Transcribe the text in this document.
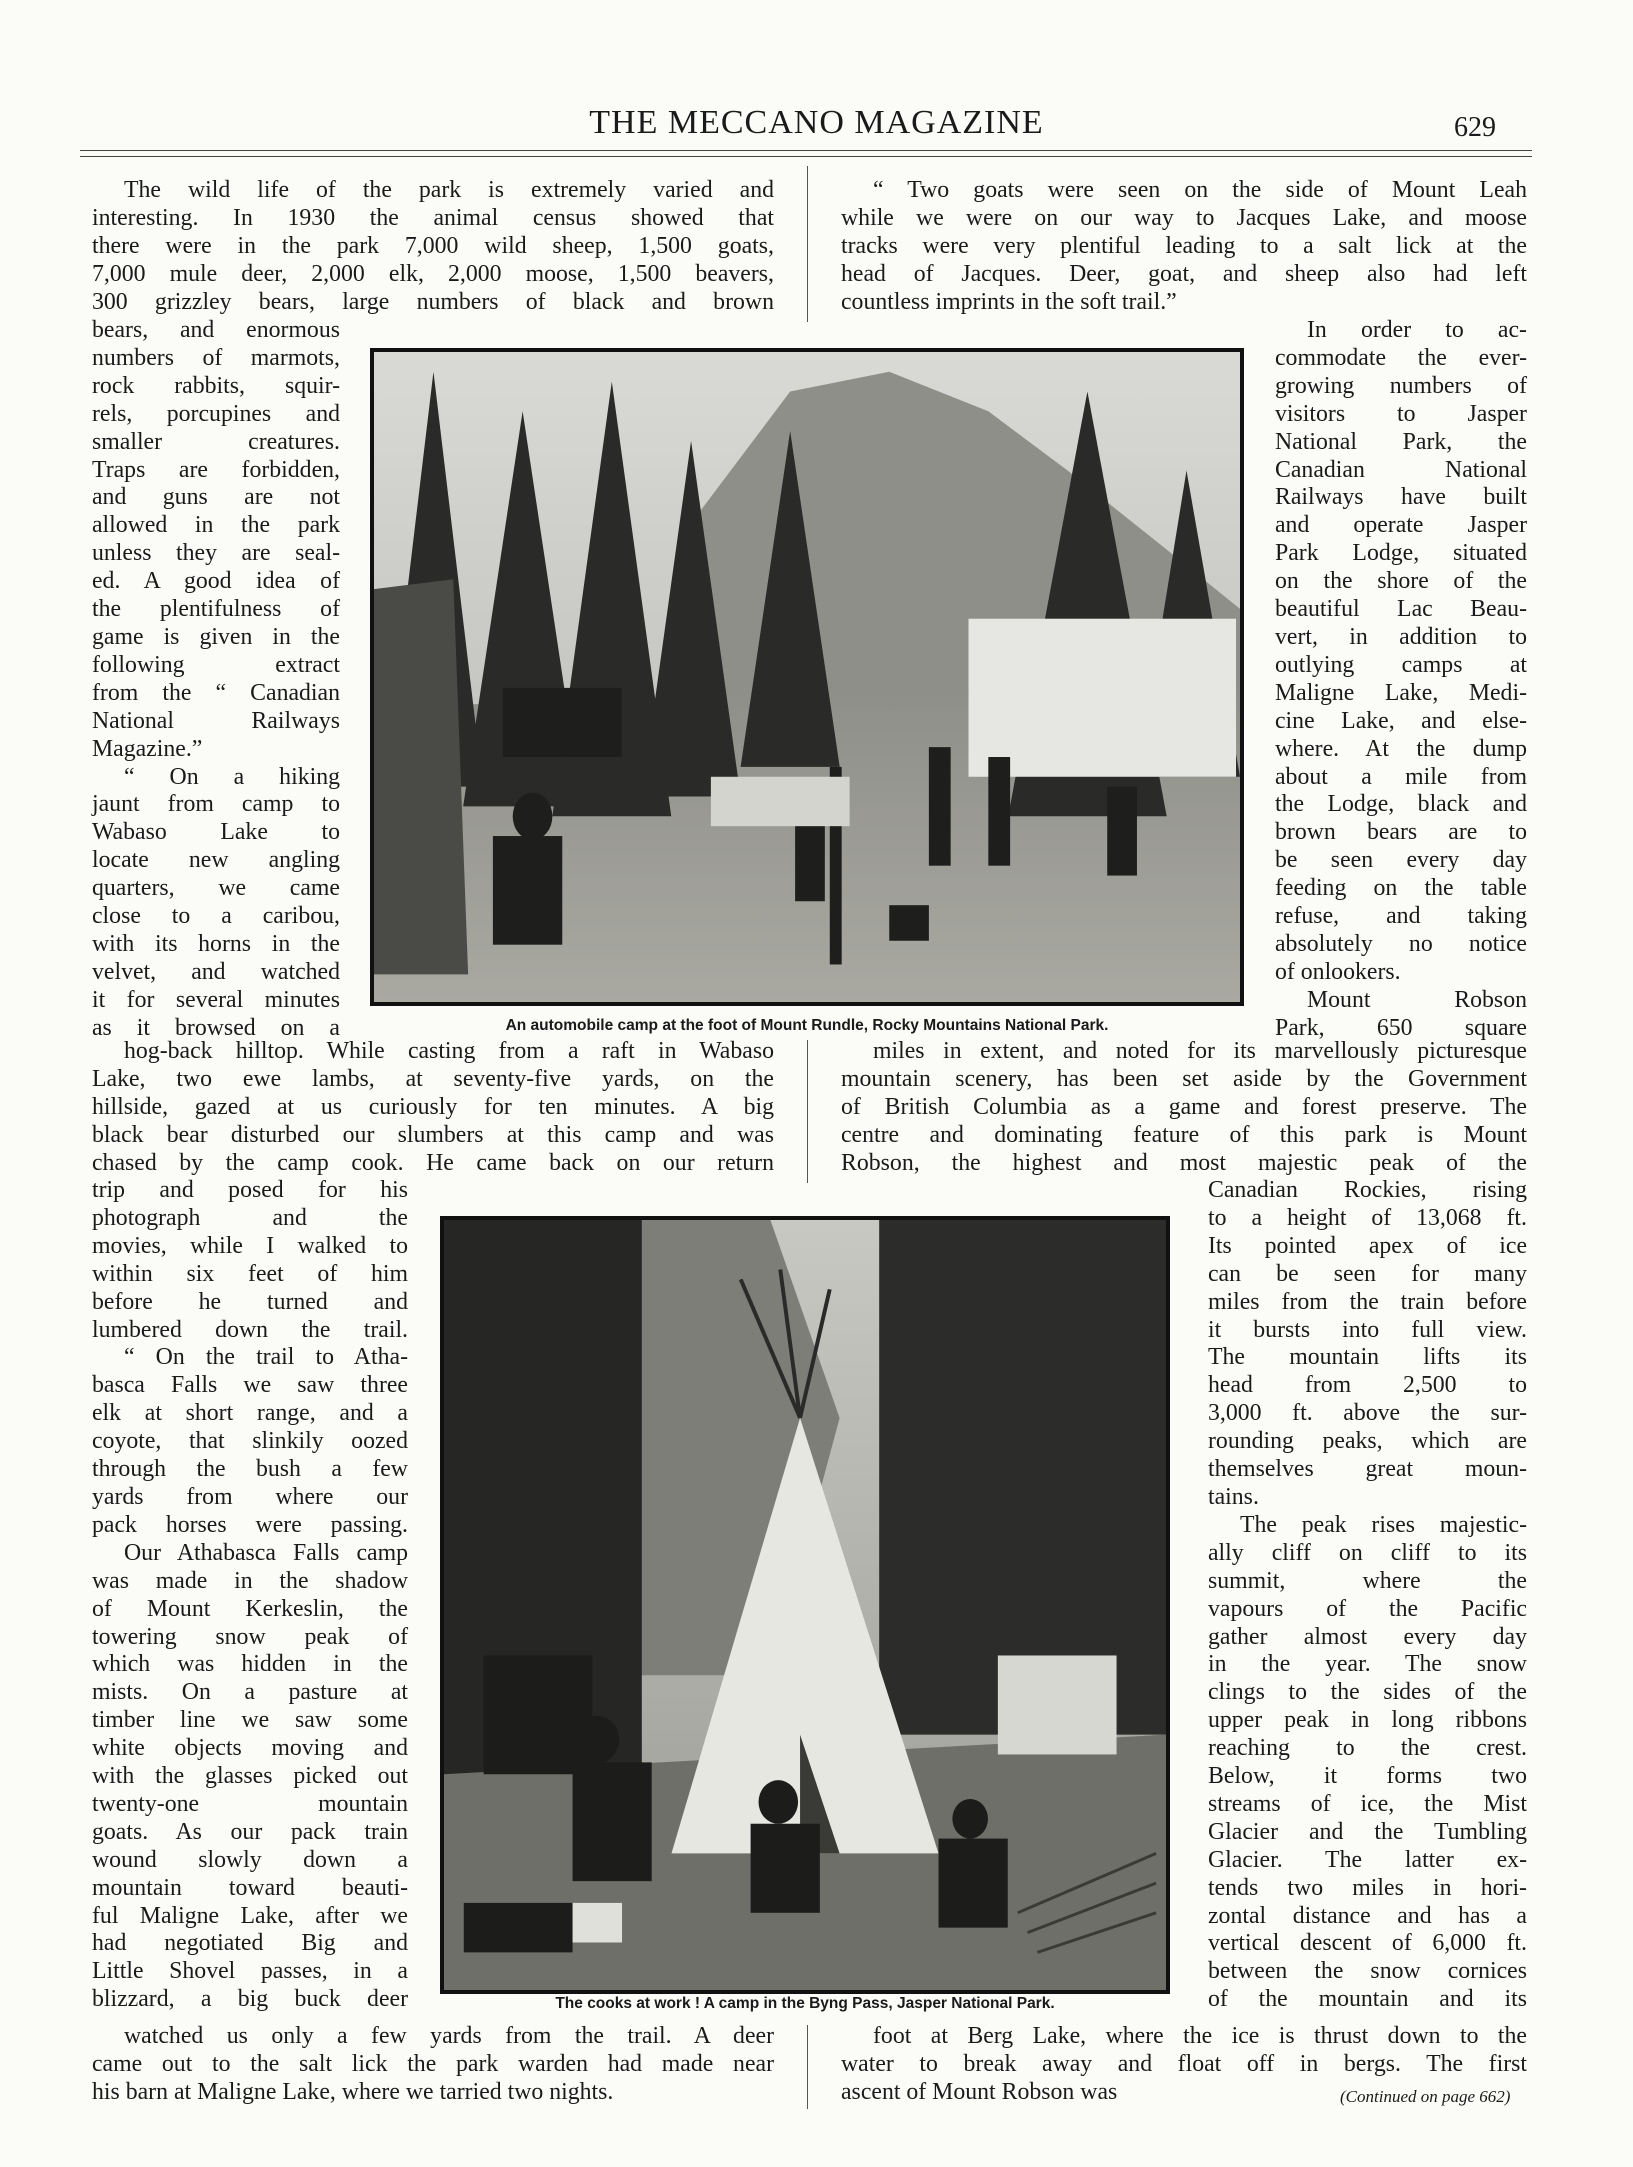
THE MECCANO MAGAZINE	629

The wild life of the park is extremely varied and

interesting. In 1930 the animal census showed that

there were in the park 7,000 wild sheep, 1,500 goats,

7,000 mule deer, 2,000 elk, 2,000 moose, 1,500 beavers,

300 grizzley bears, large numbers of black and brown

“ Two goats were seen on the side of Mount Leah

while we were on our way to Jacques Lake, and moose

tracks were very plentiful leading to a salt lick at the

head of Jacques. Deer, goat, and sheep also had left

countless imprints in the soft trail.”

bears, and enormous

numbers of marmots,

rock rabbits, squir-

rels, porcupines and

smaller creatures.

Traps are forbidden,

and guns are not

allowed in the park

unless they are seal-

ed. A good idea of

the plentifulness of

game is given in the

following extract

from the “ Canadian

National Railways

Magazine.”

“ On a hiking

jaunt from camp to

Wabaso Lake to

locate new angling

quarters, we came

close to a caribou,

with its horns in the

velvet, and watched

it for several minutes

as it browsed on a

In order to ac-

commodate the ever-

growing numbers of

visitors to Jasper

National Park, the

Canadian National

Railways have built

and operate Jasper

Park Lodge, situated

on the shore of the

beautiful Lac Beau-

vert, in addition to

outlying camps at

Maligne Lake, Medi-

cine Lake, and else-

where. At the dump

about a mile from

the Lodge, black and

brown bears are to

be seen every day

feeding on the table

refuse, and taking

absolutely no notice

of onlookers.

Mount Robson

Park, 650 square

An automobile camp at the foot of Mount Rundle, Rocky Mountains National Park.

hog-back hilltop. While casting from a raft in Wabaso

Lake, two ewe lambs, at seventy-five yards, on the

hillside, gazed at us curiously for ten minutes. A big

black bear disturbed our slumbers at this camp and was

chased by the camp cook. He came back on our return

miles in extent, and noted for its marvellously picturesque

mountain scenery, has been set aside by the Government

of British Columbia as a game and forest preserve. The

centre and dominating feature of this park is Mount

Robson, the highest and most majestic peak of the

trip and posed for his

photograph and the

movies, while I walked to

within six feet of him

before he turned and

lumbered down the trail.

“ On the trail to Atha-

basca Falls we saw three

elk at short range, and a

coyote, that slinkily oozed

through the bush a few

yards from where our

pack horses were passing.

Our Athabasca Falls camp

was made in the shadow

of Mount Kerkeslin, the

towering snow peak of

which was hidden in the

mists. On a pasture at

timber line we saw some

white objects moving and

with the glasses picked out

twenty-one mountain

goats. As our pack train

wound slowly down a

mountain toward beauti-

ful Maligne Lake, after we

had negotiated Big and

Little Shovel passes, in a

blizzard, a big buck deer

Canadian Rockies, rising

to a height of 13,068 ft.

Its pointed apex of ice

can be seen for many

miles from the train before

it bursts into full view.

The mountain lifts its

head from 2,500 to

3,000 ft. above the sur-

rounding peaks, which are

themselves great moun-

tains.

The peak rises majestic-

ally cliff on cliff to its

summit, where the

vapours of the Pacific

gather almost every day

in the year. The snow

clings to the sides of the

upper peak in long ribbons

reaching to the crest.

Below, it forms two

streams of ice, the Mist

Glacier and the Tumbling

Glacier. The latter ex-

tends two miles in hori-

zontal distance and has a

vertical descent of 6,000 ft.

between the snow cornices

of the mountain and its

The cooks at work ! A camp in the Byng Pass, Jasper National Park.

watched us only a few yards from the trail. A deer

came out to the salt lick the park warden had made near

his barn at Maligne Lake, where we tarried two nights.

foot at Berg Lake, where the ice is thrust down to the

water to break away and float off in bergs. The first

ascent of Mount Robson was	(Continued on page 662)
